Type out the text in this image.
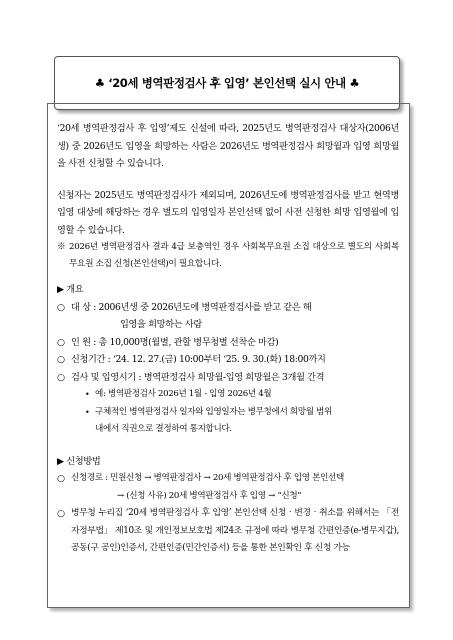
♣ ‘20세 병역판정검사 후 입영’ 본인선택 실시 안내 ♣
‘20세 병역판정검사 후 입영’제도 신설에 따라, 2025년도 병역판정검사 대상자(2006년생) 중 2026년도 입영을 희망하는 사람은 2026년도 병역판정검사 희망월과 입영 희망월을 사전 신청할 수 있습니다.
신청자는 2025년도 병역판정검사가 제외되며, 2026년도에 병역판정검사를 받고 현역병 입영 대상에 해당하는 경우 별도의 입영일자 본인선택 없이 사전 신청한 희망 입영월에 입영할 수 있습니다.
※ 2026년 병역판정검사 결과 4급 보충역인 경우 사회복무요원 소집 대상으로 별도의 사회복무요원 소집 신청(본인선택)이 필요합니다.
▶ 개요
○ 대 상 : 2006년생 중 2026년도에 병역판정검사를 받고 같은 해
입영을 희망하는 사람
○ 인 원 : 총 10,000명(월별, 관할 병무청별 선착순 마감)
○ 신청기간 : ‘24. 12. 27.(금) 10:00부터 ‘25. 9. 30.(화) 18:00까지
○ 검사 및 입영시기 : 병역판정검사 희망월-입영 희망월은 3개월 간격
• 예: 병역판정검사 2026년 1월 - 입영 2026년 4월
• 구체적인 병역판정검사 일자와 입영일자는 병무청에서 희망월 범위
내에서 직권으로 결정하여 통지합니다.
▶ 신청방법
○ 신청경로 : 민원신청 → 병역판정검사 → 20세 병역판정검사 후 입영 본인선택
→ (신청 사유) 20세 병역판정검사 후 입영 → “신청”
○ 병무청 누리집 ‘20세 병역판정검사 후 입영’ 본인선택 신청‧변경‧취소를 위해서는 「전자정부법」 제10조 및 개인정보보호법 제24조 규정에 따라 병무청 간편인증(e-병무지갑), 공동(구 공인)인증서, 간편인증(민간인증서) 등을 통한 본인확인 후 신청 가능
